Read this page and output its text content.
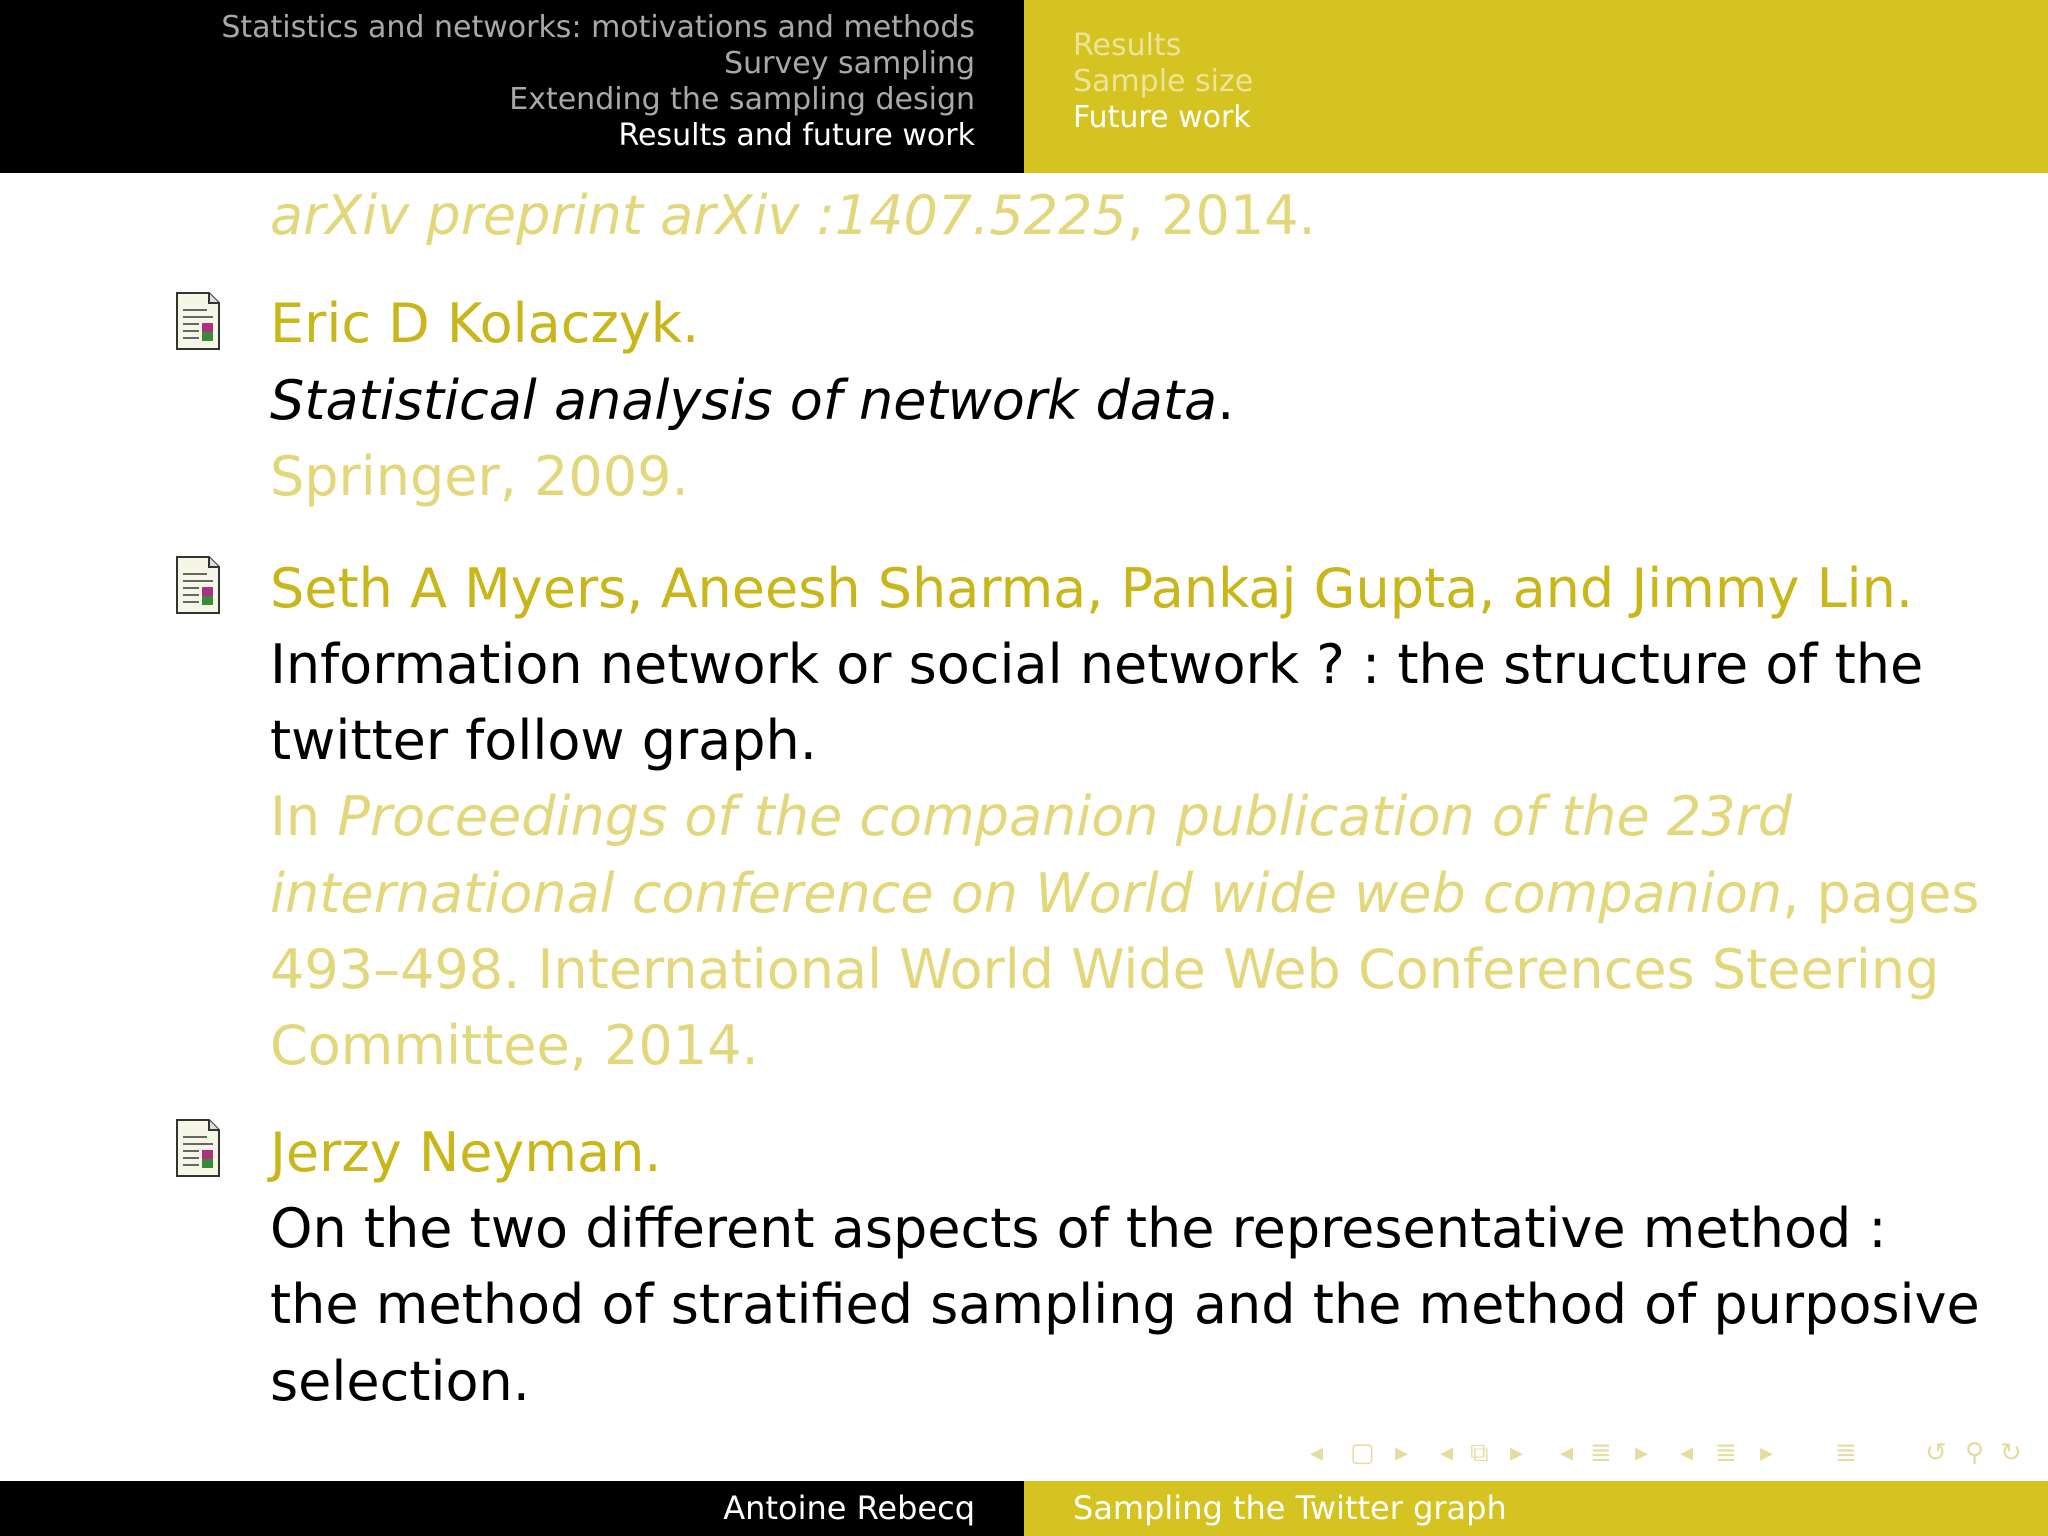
Statistics and networks: motivations and methods
Survey sampling
Extending the sampling design
Results and future work
Results
Sample size
Future work
arXiv preprint arXiv :1407.5225, 2014.
Eric D Kolaczyk.
Statistical analysis of network data.
Springer, 2009.
Seth A Myers, Aneesh Sharma, Pankaj Gupta, and Jimmy Lin.
Information network or social network ? : the structure of the
twitter follow graph.
In Proceedings of the companion publication of the 23rd
international conference on World wide web companion, pages
493–498. International World Wide Web Conferences Steering
Committee, 2014.
Jerzy Neyman.
On the two different aspects of the representative method :
the method of stratified sampling and the method of purposive
selection.
◂ ▢ ▸ ◂ ⧉ ▸ ◂ ≣ ▸ ◂ ≣ ▸ ≣	↺ ⚲ ↻
Antoine Rebecq	Sampling the Twitter graph
